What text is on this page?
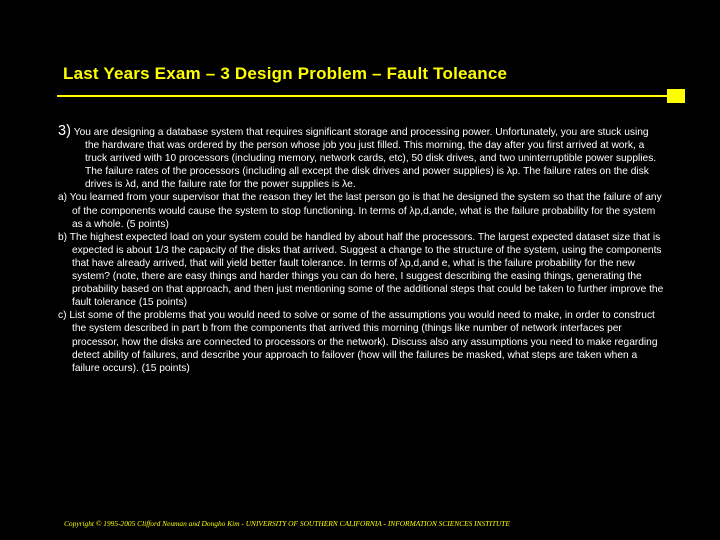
Last Years Exam – 3 Design Problem – Fault Toleance
3) You are designing a database system that requires significant storage and processing power. Unfortunately, you are stuck using the hardware that was ordered by the person whose job you just filled. This morning, the day after you first arrived at work, a truck arrived with 10 processors (including memory, network cards, etc), 50 disk drives, and two uninterruptible power supplies. The failure rates of the processors (including all except the disk drives and power supplies) is λp. The failure rates on the disk drives is λd, and the failure rate for the power supplies is λe.
a) You learned from your supervisor that the reason they let the last person go is that he designed the system so that the failure of any of the components would cause the system to stop functioning. In terms of λp,d,ande, what is the failure probability for the system as a whole. (5 points)
b) The highest expected load on your system could be handled by about half the processors. The largest expected dataset size that is expected is about 1/3 the capacity of the disks that arrived. Suggest a change to the structure of the system, using the components that have already arrived, that will yield better fault tolerance. In terms of λp,d,and e, what is the failure probability for the new system? (note, there are easy things and harder things you can do here, I suggest describing the easing things, generating the probability based on that approach, and then just mentioning some of the additional steps that could be taken to further improve the fault tolerance (15 points)
c) List some of the problems that you would need to solve or some of the assumptions you would need to make, in order to construct the system described in part b from the components that arrived this morning (things like number of network interfaces per processor, how the disks are connected to processors or the network). Discuss also any assumptions you need to make regarding detect ability of failures, and describe your approach to failover (how will the failures be masked, what steps are taken when a failure occurs). (15 points)
Copyright © 1995-2005 Clifford Neuman and Dongho Kim - UNIVERSITY OF SOUTHERN CALIFORNIA - INFORMATION SCIENCES INSTITUTE
